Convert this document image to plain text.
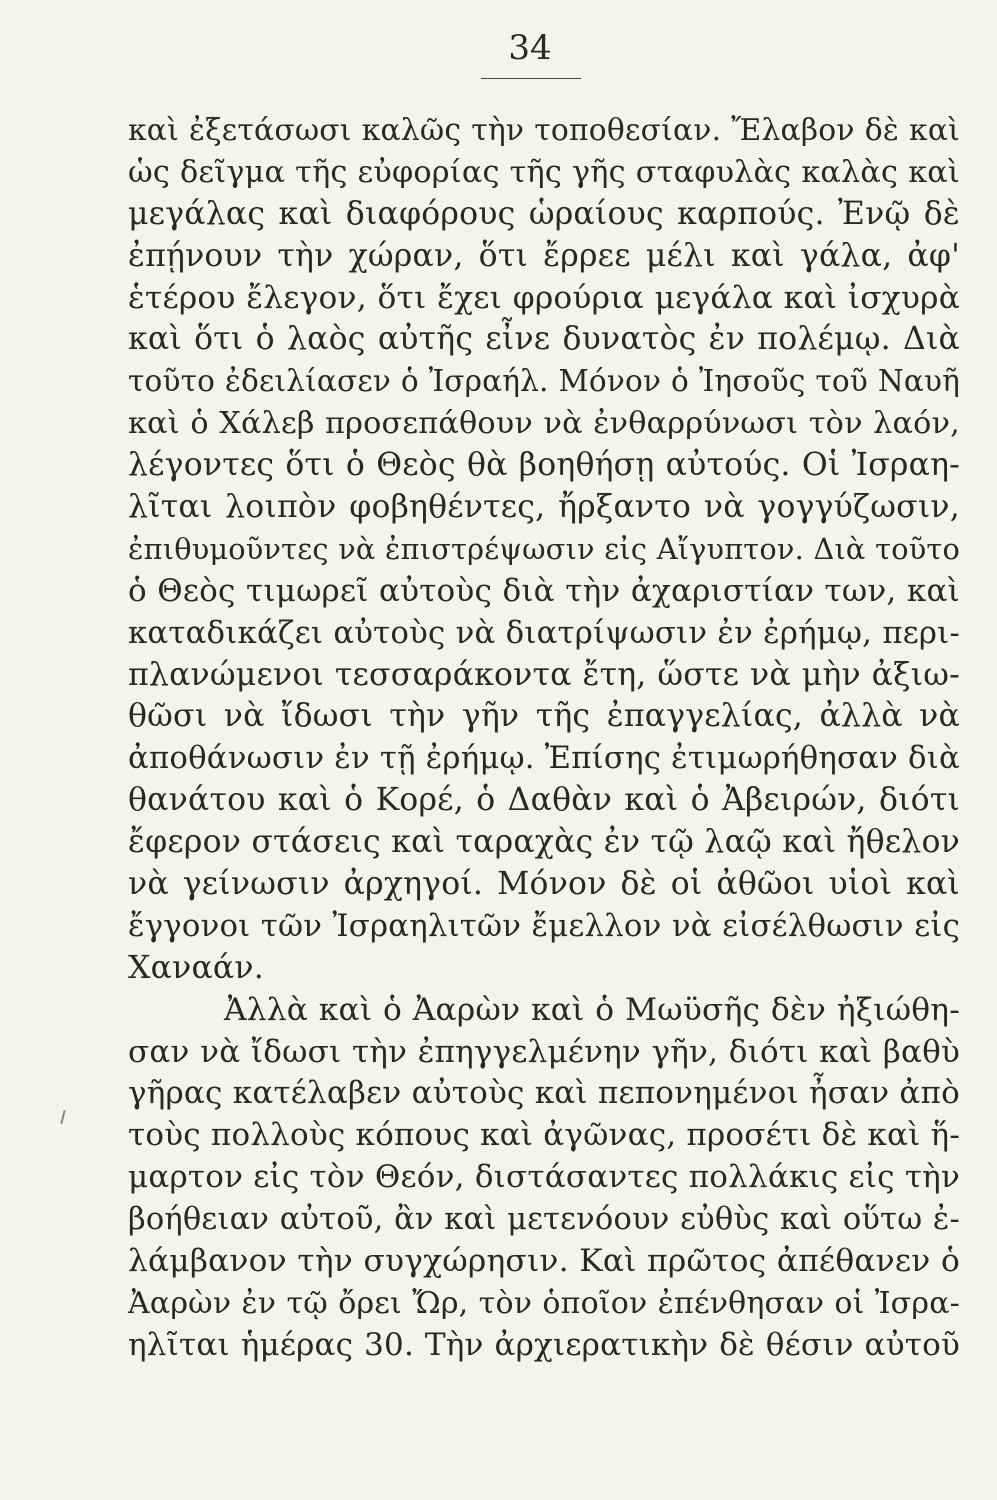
34
καὶ ἐξετάσωσι καλῶς τὴν τοποθεσίαν. Ἔλαβον δὲ καὶ
ὡς δεῖγμα τῆς εὐφορίας τῆς γῆς σταφυλὰς καλὰς καὶ
μεγάλας καὶ διαφόρους ὡραίους καρπούς. Ἐνῷ δὲ
ἐπῄνουν τὴν χώραν, ὅτι ἔρρεε μέλι καὶ γάλα, ἀφ'
ἑτέρου ἔλεγον, ὅτι ἔχει φρούρια μεγάλα καὶ ἰσχυρὰ
καὶ ὅτι ὁ λαὸς αὐτῆς εἶνε δυνατὸς ἐν πολέμῳ. Διὰ
τοῦτο ἐδειλίασεν ὁ Ἰσραήλ. Μόνον ὁ Ἰησοῦς τοῦ Ναυῆ
καὶ ὁ Χάλεβ προσεπάθουν νὰ ἐνθαρρύνωσι τὸν λαόν,
λέγοντες ὅτι ὁ Θεὸς θὰ βοηθήσῃ αὐτούς. Οἱ Ἰσραη-
λῖται λοιπὸν φοβηθέντες, ἤρξαντο νὰ γογγύζωσιν,
ἐπιθυμοῦντες νὰ ἐπιστρέψωσιν εἰς Αἴγυπτον. Διὰ τοῦτο
ὁ Θεὸς τιμωρεῖ αὐτοὺς διὰ τὴν ἀχαριστίαν των, καὶ
καταδικάζει αὐτοὺς νὰ διατρίψωσιν ἐν ἐρήμῳ, περι-
πλανώμενοι τεσσαράκοντα ἔτη, ὥστε νὰ μὴν ἀξιω-
θῶσι νὰ ἴδωσι τὴν γῆν τῆς ἐπαγγελίας, ἀλλὰ νὰ
ἀποθάνωσιν ἐν τῇ ἐρήμῳ. Ἐπίσης ἐτιμωρήθησαν διὰ
θανάτου καὶ ὁ Κορέ, ὁ Δαθὰν καὶ ὁ Ἀβειρών, διότι
ἔφερον στάσεις καὶ ταραχὰς ἐν τῷ λαῷ καὶ ἤθελον
νὰ γείνωσιν ἀρχηγοί. Μόνον δὲ οἱ ἀθῶοι υἱοὶ καὶ
ἔγγονοι τῶν Ἰσραηλιτῶν ἔμελλον νὰ εἰσέλθωσιν εἰς
Χαναάν.
Ἀλλὰ καὶ ὁ Ἀαρὼν καὶ ὁ Μωϋσῆς δὲν ἠξιώθη-
σαν νὰ ἴδωσι τὴν ἐπηγγελμένην γῆν, διότι καὶ βαθὺ
γῆρας κατέλαβεν αὐτοὺς καὶ πεπονημένοι ἦσαν ἀπὸ
τοὺς πολλοὺς κόπους καὶ ἀγῶνας, προσέτι δὲ καὶ ἥ-
μαρτον εἰς τὸν Θεόν, διστάσαντες πολλάκις εἰς τὴν
βοήθειαν αὐτοῦ, ἂν καὶ μετενόουν εὐθὺς καὶ οὕτω ἐ-
λάμβανον τὴν συγχώρησιν. Καὶ πρῶτος ἀπέθανεν ὁ
Ἀαρὼν ἐν τῷ ὄρει Ὤρ, τὸν ὁποῖον ἐπένθησαν οἱ Ἰσρα-
ηλῖται ἡμέρας 30. Τὴν ἀρχιερατικὴν δὲ θέσιν αὐτοῦ
